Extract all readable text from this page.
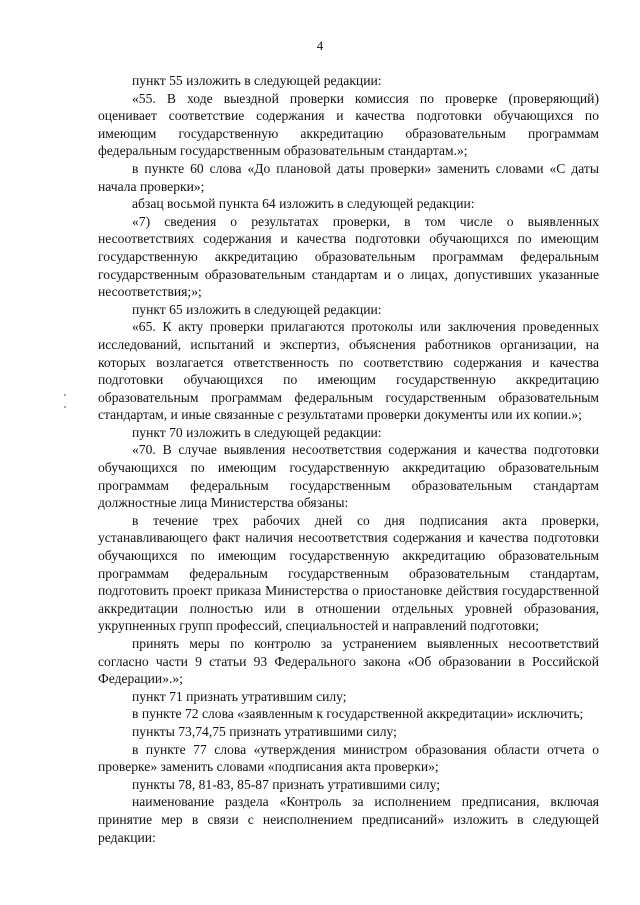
4

пункт 55 изложить в следующей редакции:

«55. В ходе выездной проверки комиссия по проверке (проверяющий) оценивает соответствие содержания и качества подготовки обучающихся по имеющим государственную аккредитацию образовательным программам федеральным государственным образовательным стандартам.»;

в пункте 60 слова «До плановой даты проверки» заменить словами «С даты начала проверки»;

абзац восьмой пункта 64 изложить в следующей редакции:

«7) сведения о результатах проверки, в том числе о выявленных несоответствиях содержания и качества подготовки обучающихся по имеющим государственную аккредитацию образовательным программам федеральным государственным образовательным стандартам и о лицах, допустивших указанные несоответствия;»;

пункт 65 изложить в следующей редакции:

«65. К акту проверки прилагаются протоколы или заключения проведенных исследований, испытаний и экспертиз, объяснения работников организации, на которых возлагается ответственность по соответствию содержания и качества подготовки обучающихся по имеющим государственную аккредитацию образовательным программам федеральным государственным образовательным стандартам, и иные связанные с результатами проверки документы или их копии.»;

пункт 70 изложить в следующей редакции:

«70. В случае выявления несоответствия содержания и качества подготовки обучающихся по имеющим государственную аккредитацию образовательным программам федеральным государственным образовательным стандартам должностные лица Министерства обязаны:

в течение трех рабочих дней со дня подписания акта проверки, устанавливающего факт наличия несоответствия содержания и качества подготовки обучающихся по имеющим государственную аккредитацию образовательным программам федеральным государственным образовательным стандартам, подготовить проект приказа Министерства о приостановке действия государственной аккредитации полностью или в отношении отдельных уровней образования, укрупненных групп профессий, специальностей и направлений подготовки;

принять меры по контролю за устранением выявленных несоответствий согласно части 9 статьи 93 Федерального закона «Об образовании в Российской Федерации».»;

пункт 71 признать утратившим силу;

в пункте 72 слова «заявленным к государственной аккредитации» исключить;

пункты 73,74,75 признать утратившими силу;

в пункте 77 слова «утверждения министром образования области отчета о проверке» заменить словами «подписания акта проверки»;

пункты 78, 81-83, 85-87 признать утратившими силу;

наименование раздела «Контроль за исполнением предписания, включая принятие мер в связи с неисполнением предписаний» изложить в следующей редакции:
